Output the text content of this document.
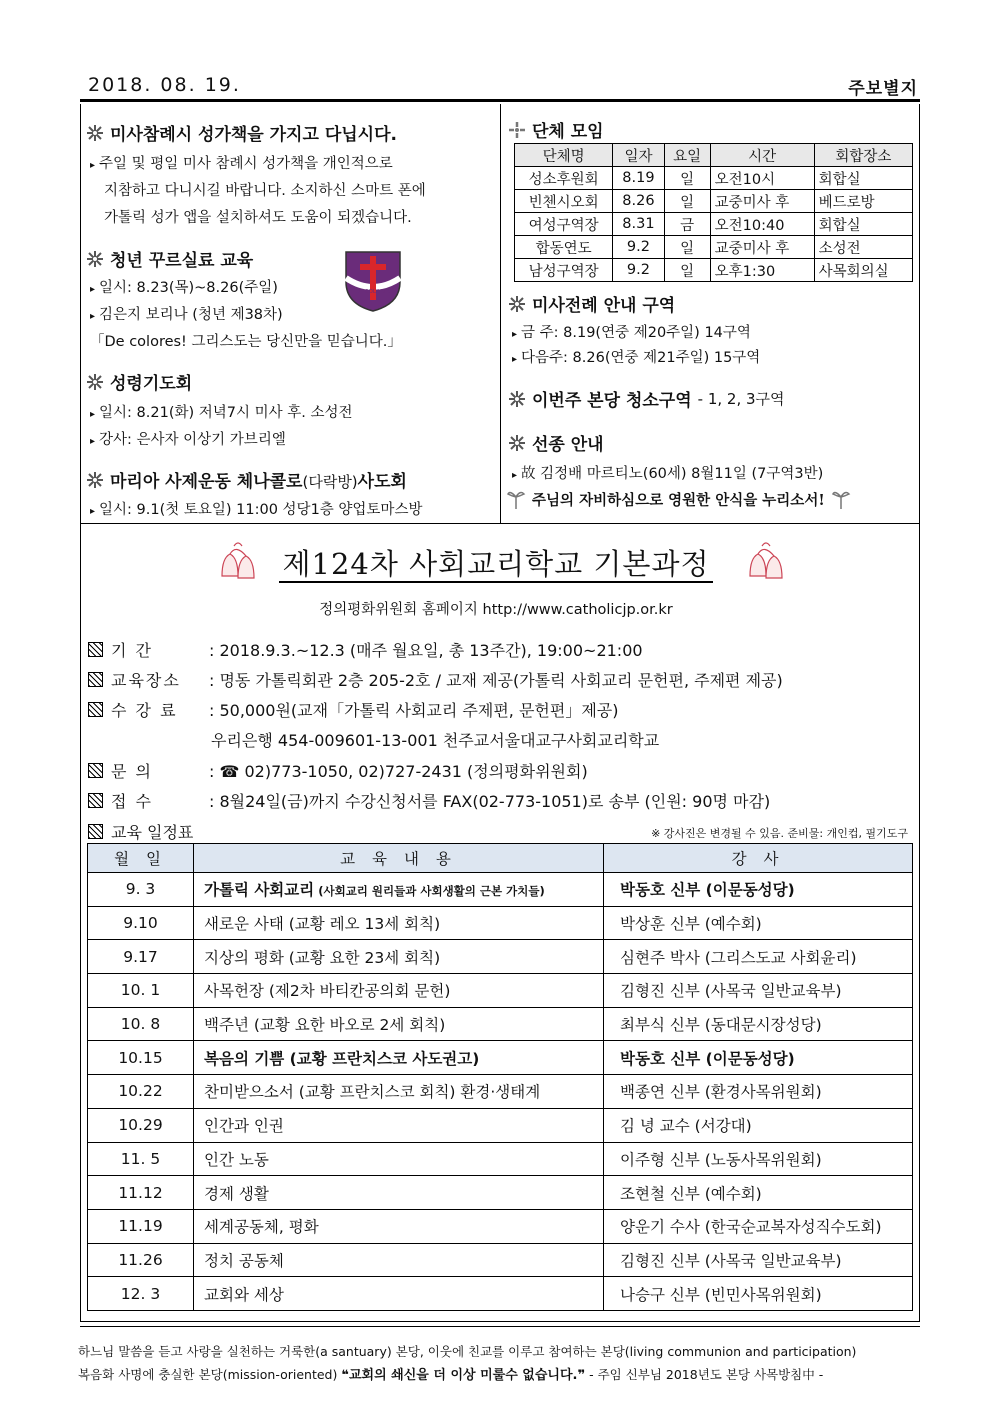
2018. 08. 19.	주보별지
미사참례시 성가책을 가지고 다닙시다.
▸ 주일 및 평일 미사 참례시 성가책을 개인적으로
지참하고 다니시길 바랍니다. 소지하신 스마트 폰에
가톨릭 성가 앱을 설치하셔도 도움이 되겠습니다.
청년 꾸르실료 교육
▸ 일시: 8.23(목)~8.26(주일)
▸ 김은지 보리나 (청년 제38차)
「De colores! 그리스도는 당신만을 믿습니다.」
DE COLORES
성령기도회
▸ 일시: 8.21(화) 저녁7시 미사 후. 소성전
▸ 강사: 은사자 이상기 가브리엘
마리아 사제운동 체나콜로(다락방)사도회
▸ 일시: 9.1(첫 토요일) 11:00 성당1층 양업토마스방
단체 모임
단체명	일자	요일	시간	회합장소
성소후원회	8.19	일	오전10시	회합실
빈첸시오회	8.26	일	교중미사 후	베드로방
여성구역장	8.31	금	오전10:40	회합실
합동연도	9.2	일	교중미사 후	소성전
남성구역장	9.2	일	오후1:30	사목회의실
미사전례 안내 구역
▸ 금 주: 8.19(연중 제20주일) 14구역
▸ 다음주: 8.26(연중 제21주일) 15구역
이번주 본당 청소구역 - 1, 2, 3구역
선종 안내
▸ 故 김정배 마르티노(60세) 8월11일 (7구역3반)
주님의 자비하심으로 영원한 안식을 누리소서!
제124차 사회교리학교 기본과정
정의평화위원회 홈페이지 http://www.catholicjp.or.kr
기 간	: 2018.9.3.~12.3 (매주 월요일, 총 13주간), 19:00~21:00
교육장소	: 명동 가톨릭회관 2층 205-2호 / 교재 제공(가톨릭 사회교리 문헌편, 주제편 제공)
수 강 료	: 50,000원(교재「가톨릭 사회교리 주제편, 문헌편」제공)
우리은행 454-009601-13-001 천주교서울대교구사회교리학교
문 의	: ☎ 02)773-1050, 02)727-2431 (정의평화위원회)
접 수	: 8월24일(금)까지 수강신청서를 FAX(02-773-1051)로 송부 (인원: 90명 마감)
교육 일정표	※ 강사진은 변경될 수 있음. 준비물: 개인컵, 필기도구
월 일	교 육 내 용	강 사
9. 3	가톨릭 사회교리 (사회교리 원리들과 사회생활의 근본 가치들)	박동호 신부 (이문동성당)
9.10	새로운 사태 (교황 레오 13세 회칙)	박상훈 신부 (예수회)
9.17	지상의 평화 (교황 요한 23세 회칙)	심현주 박사 (그리스도교 사회윤리)
10. 1	사목헌장 (제2차 바티칸공의회 문헌)	김형진 신부 (사목국 일반교육부)
10. 8	백주년 (교황 요한 바오로 2세 회칙)	최부식 신부 (동대문시장성당)
10.15	복음의 기쁨 (교황 프란치스코 사도권고)	박동호 신부 (이문동성당)
10.22	찬미받으소서 (교황 프란치스코 회칙) 환경·생태계	백종연 신부 (환경사목위원회)
10.29	인간과 인권	김 녕 교수 (서강대)
11. 5	인간 노동	이주형 신부 (노동사목위원회)
11.12	경제 생활	조현철 신부 (예수회)
11.19	세계공동체, 평화	양운기 수사 (한국순교복자성직수도회)
11.26	정치 공동체	김형진 신부 (사목국 일반교육부)
12. 3	교회와 세상	나승구 신부 (빈민사목위원회)
하느님 말씀을 듣고 사랑을 실천하는 거룩한(a santuary) 본당, 이웃에 친교를 이루고 참여하는 본당(living communion and participation)
복음화 사명에 충실한 본당(mission-oriented) ❝교회의 쇄신을 더 이상 미룰수 없습니다.❞ - 주임 신부님 2018년도 본당 사목방침中 -
